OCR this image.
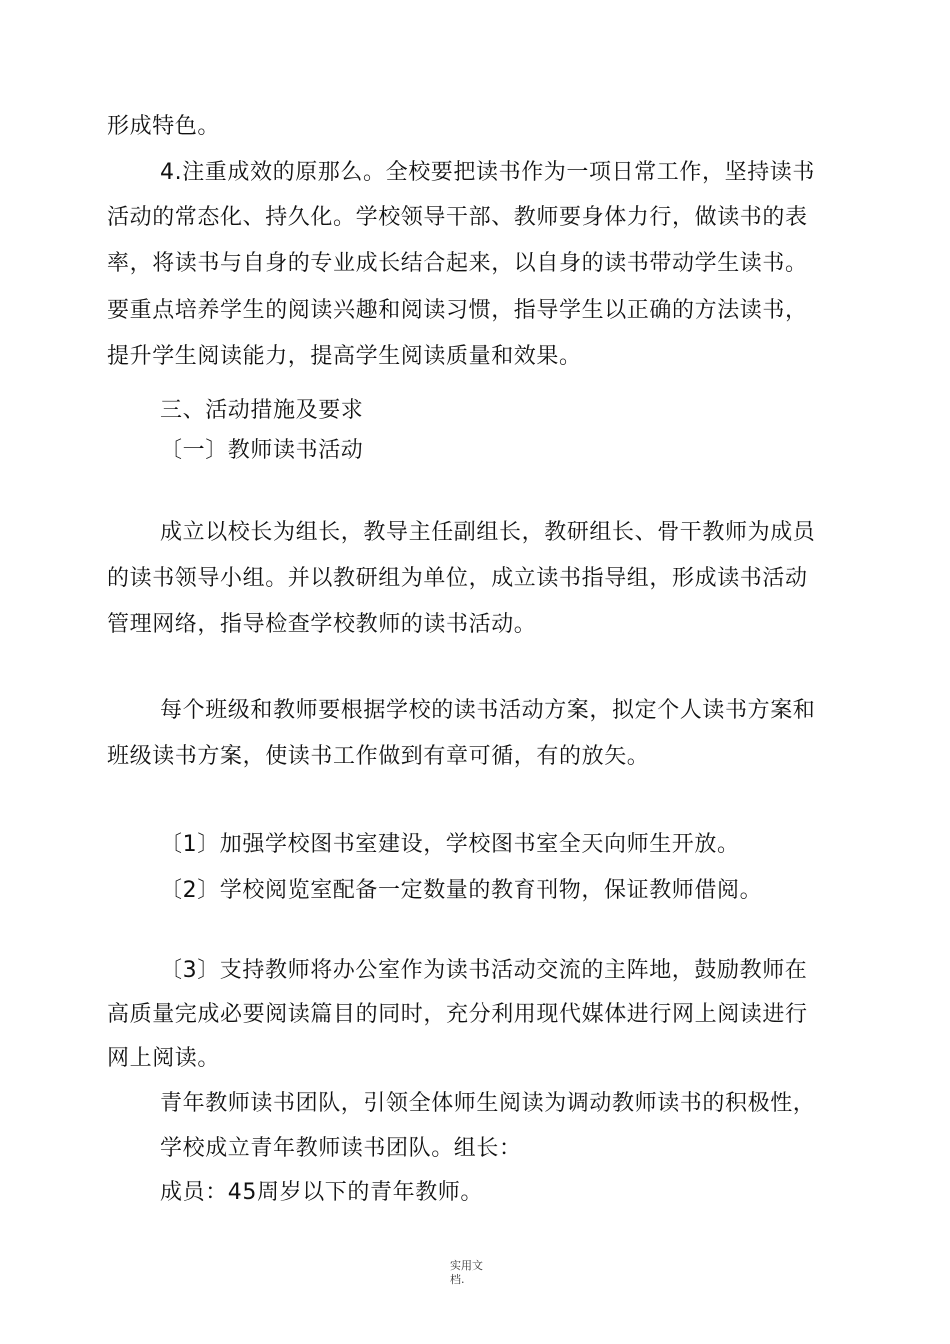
形成特色。
4.注重成效的原那么。全校要把读书作为一项日常工作，坚持读书
活动的常态化、持久化。学校领导干部、教师要身体力行，做读书的表
率，将读书与自身的专业成长结合起来，以自身的读书带动学生读书。
要重点培养学生的阅读兴趣和阅读习惯，指导学生以正确的方法读书，
提升学生阅读能力，提高学生阅读质量和效果。
三、活动措施及要求
〔一〕教师读书活动
成立以校长为组长，教导主任副组长，教研组长、骨干教师为成员
的读书领导小组。并以教研组为单位，成立读书指导组，形成读书活动
管理网络，指导检查学校教师的读书活动。
每个班级和教师要根据学校的读书活动方案，拟定个人读书方案和
班级读书方案，使读书工作做到有章可循，有的放矢。
〔1〕加强学校图书室建设，学校图书室全天向师生开放。
〔2〕学校阅览室配备一定数量的教育刊物，保证教师借阅。
〔3〕支持教师将办公室作为读书活动交流的主阵地，鼓励教师在
高质量完成必要阅读篇目的同时，充分利用现代媒体进行网上阅读进行
网上阅读。
青年教师读书团队，引领全体师生阅读为调动教师读书的积极性，
学校成立青年教师读书团队。组长：
成员：45周岁以下的青年教师。
实用文
档.
